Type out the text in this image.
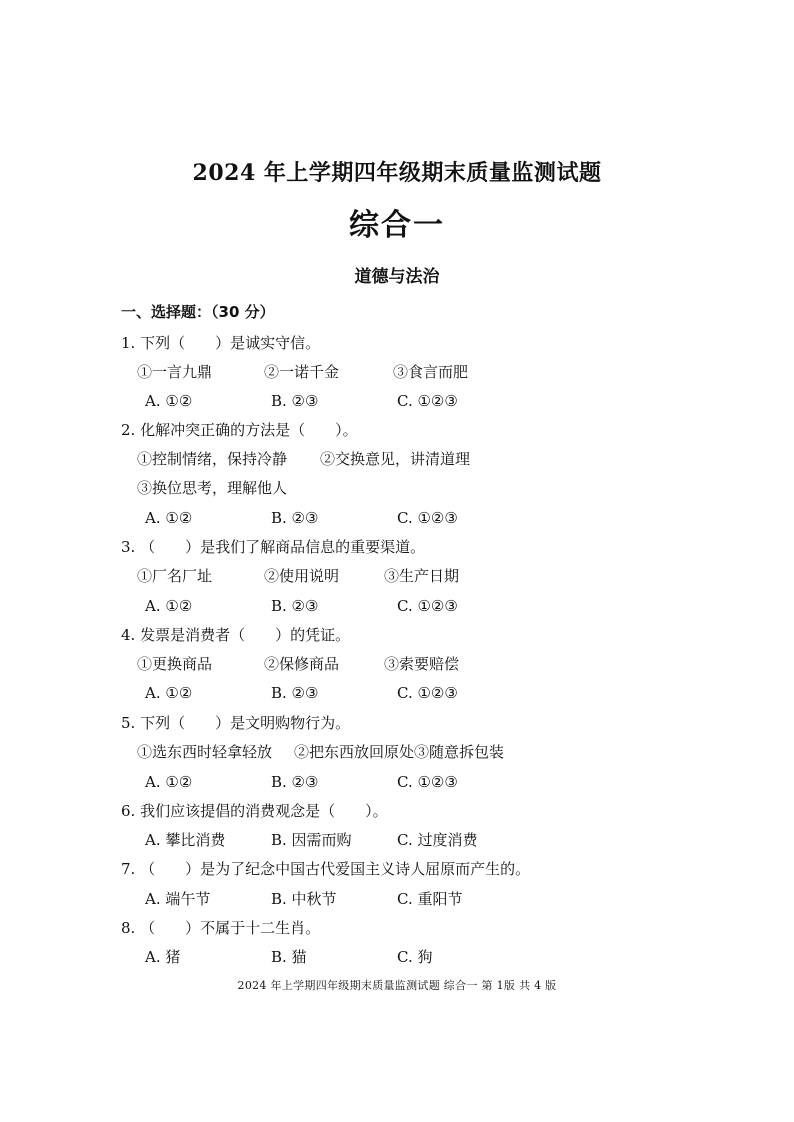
2024 年上学期四年级期末质量监测试题
综合一
道德与法治
一、选择题：（30 分）
1. 下列（　　）是诚实守信。
①一言九鼎	②一诺千金	③食言而肥
A. ①②	B. ②③	C. ①②③
2. 化解冲突正确的方法是（　　）。
①控制情绪，保持冷静 ②交换意见，讲清道理
③换位思考，理解他人
A. ①②	B. ②③	C. ①②③
3. （　　）是我们了解商品信息的重要渠道。
①厂名厂址	②使用说明	③生产日期
A. ①②	B. ②③	C. ①②③
4. 发票是消费者（　　）的凭证。
①更换商品	②保修商品	③索要赔偿
A. ①②	B. ②③	C. ①②③
5. 下列（　　）是文明购物行为。
①选东西时轻拿轻放 ②把东西放回原处 ③随意拆包装
A. ①②	B. ②③	C. ①②③
6. 我们应该提倡的消费观念是（　　）。
A. 攀比消费	B. 因需而购	C. 过度消费
7. （　　）是为了纪念中国古代爱国主义诗人屈原而产生的。
A. 端午节	B. 中秋节	C. 重阳节
8. （　　）不属于十二生肖。
A. 猪	B. 猫	C. 狗
2024 年上学期四年级期末质量监测试题 综合一 第 1版 共 4 版
